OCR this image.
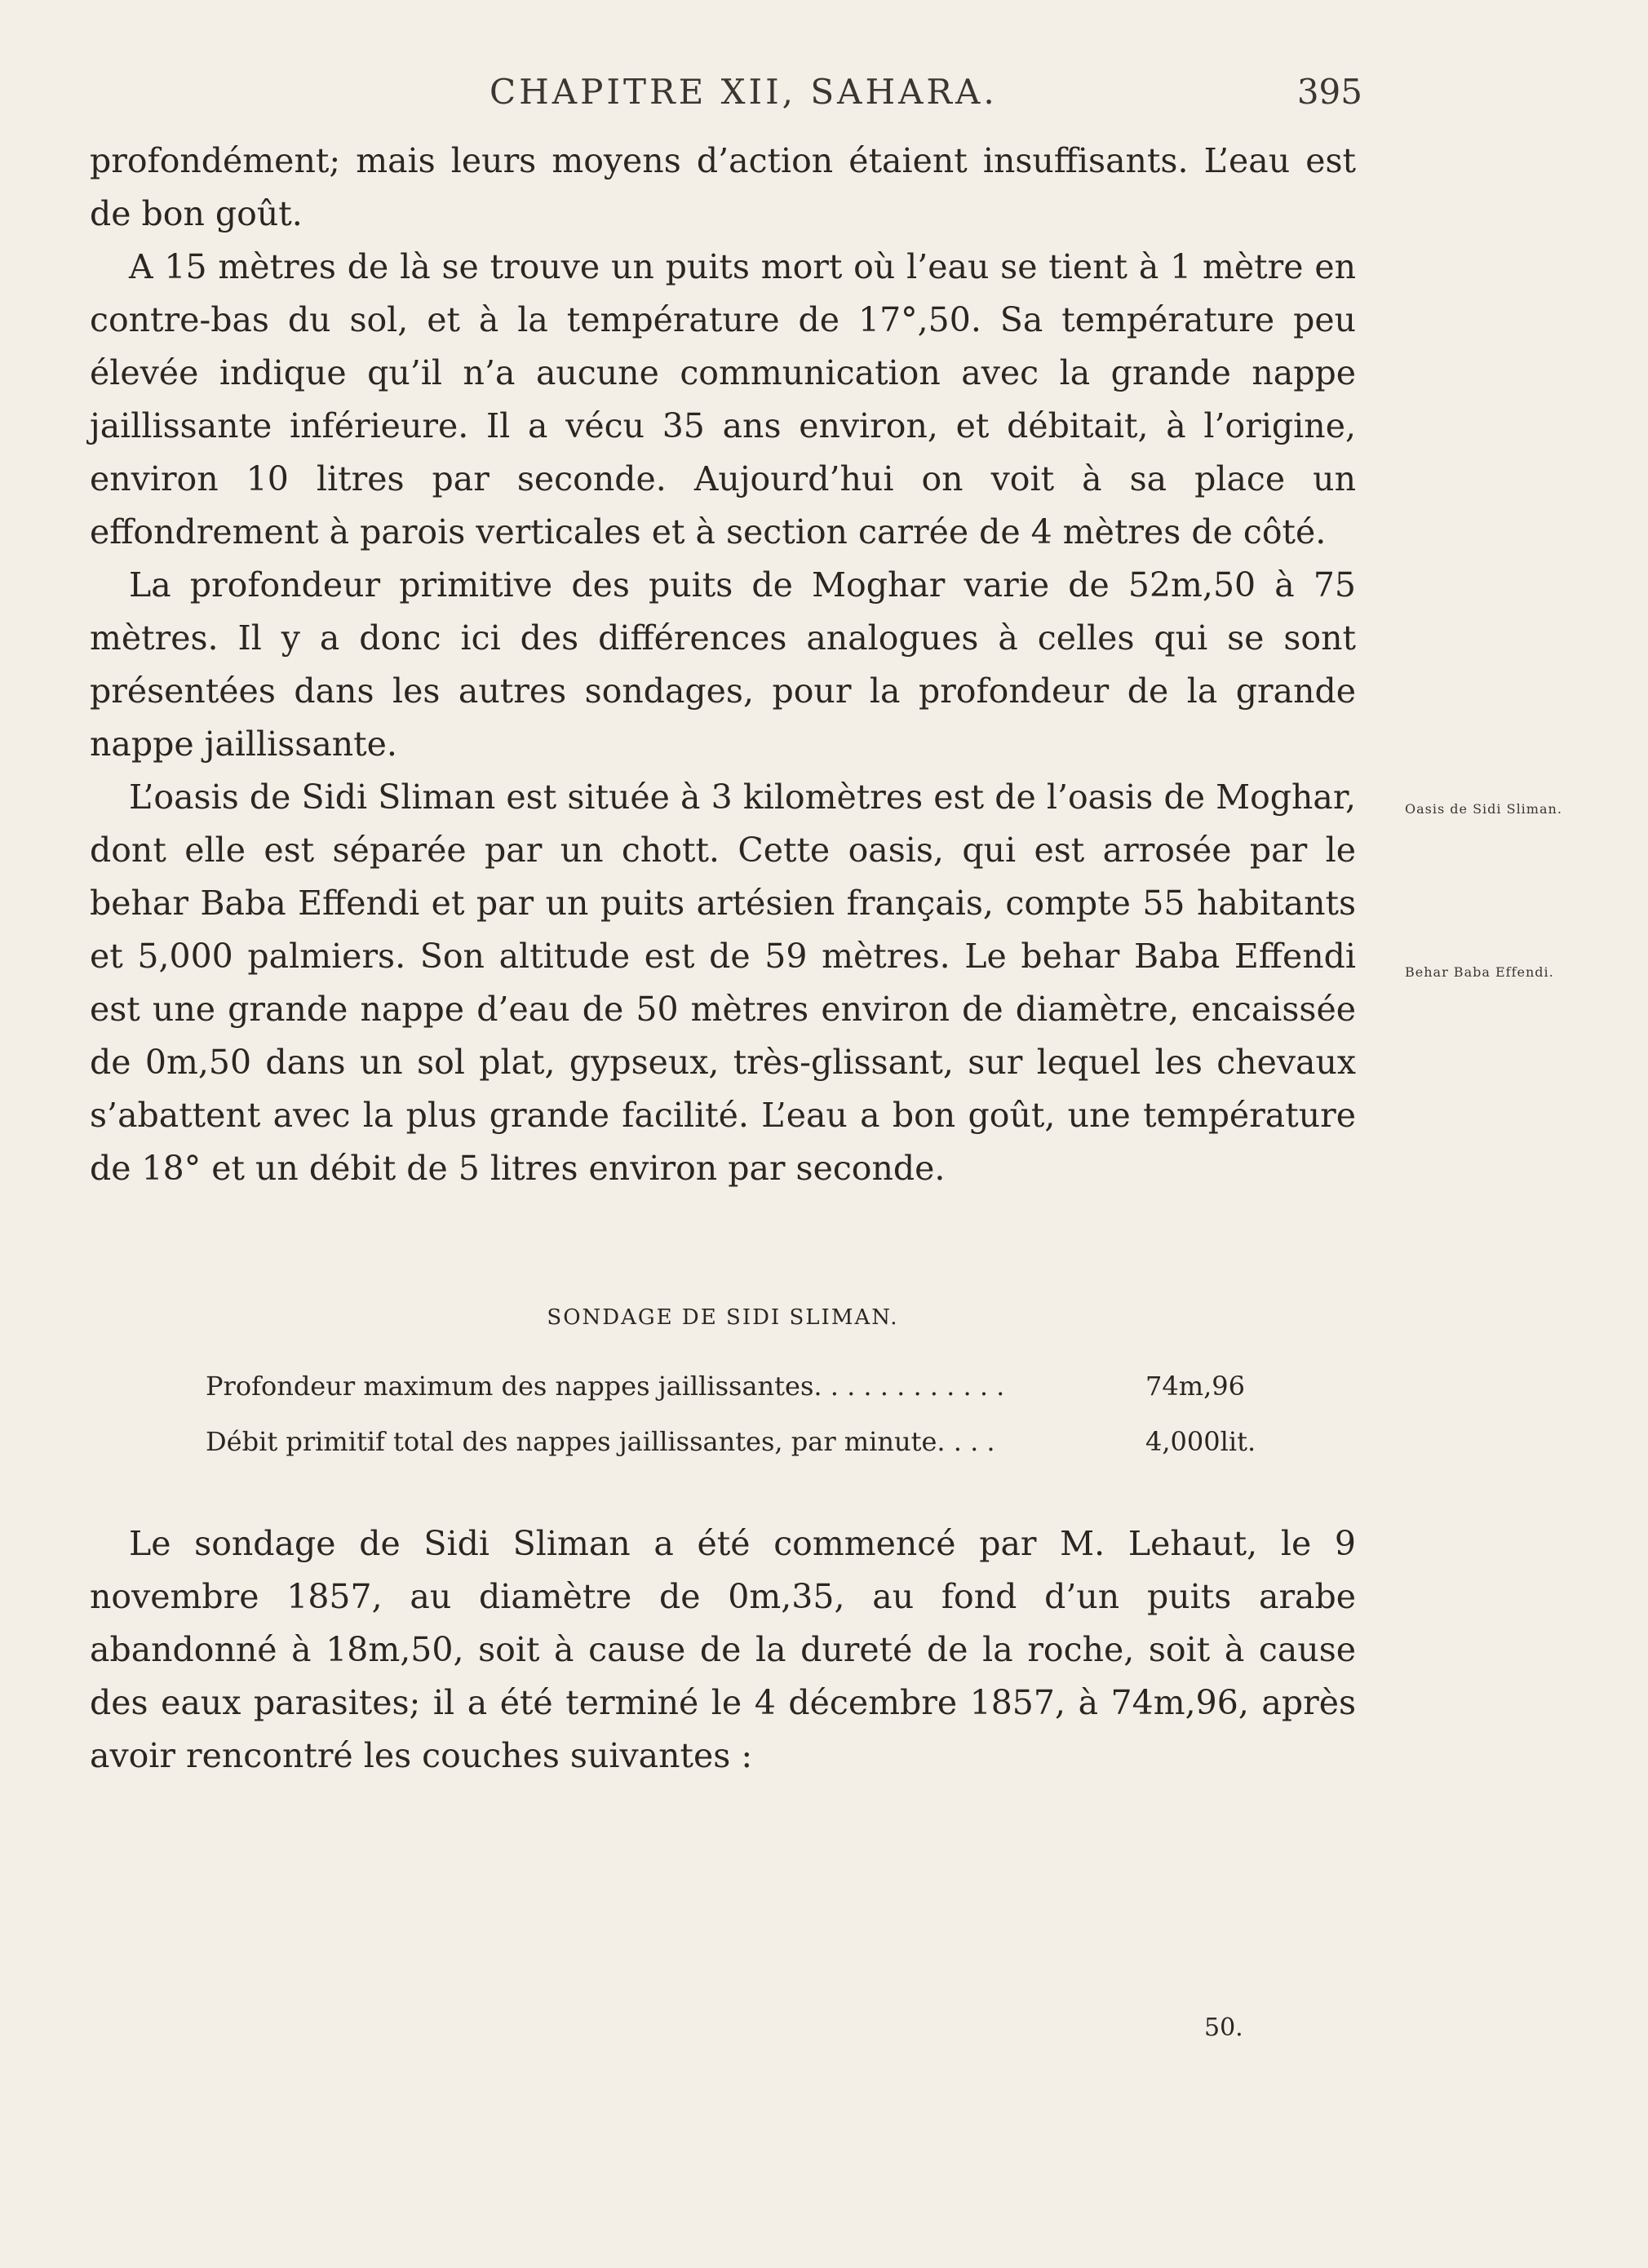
CHAPITRE XII, SAHARA.	395

profondément; mais leurs moyens d’action étaient insuffisants. L’eau est de bon goût.

A 15 mètres de là se trouve un puits mort où l’eau se tient à 1 mètre en contre-bas du sol, et à la température de 17°,50. Sa température peu élevée indique qu’il n’a aucune communication avec la grande nappe jaillissante inférieure. Il a vécu 35 ans environ, et débitait, à l’origine, environ 10 litres par seconde. Aujourd’hui on voit à sa place un effondrement à parois verticales et à section carrée de 4 mètres de côté.

La profondeur primitive des puits de Moghar varie de 52m,50 à 75 mètres. Il y a donc ici des différences analogues à celles qui se sont présentées dans les autres sondages, pour la profondeur de la grande nappe jaillissante.

L’oasis de Sidi Sliman est située à 3 kilomètres est de l’oasis de Moghar, dont elle est séparée par un chott. Cette oasis, qui est arrosée par le behar Baba Effendi et par un puits artésien français, compte 55 habitants et 5,000 palmiers. Son altitude est de 59 mètres. Le behar Baba Effendi est une grande nappe d’eau de 50 mètres environ de diamètre, encaissée de 0m,50 dans un sol plat, gypseux, très-glissant, sur lequel les chevaux s’abattent avec la plus grande facilité. L’eau a bon goût, une température de 18° et un débit de 5 litres environ par seconde.

Oasis de Sidi Sliman.
Behar Baba Effendi.
SONDAGE DE SIDI SLIMAN.
Profondeur maximum des nappes jaillissantes. . . . . . . . . . . .	74m,96
Débit primitif total des nappes jaillissantes, par minute. . . .	4,000lit.

Le sondage de Sidi Sliman a été commencé par M. Lehaut, le 9 novembre 1857, au diamètre de 0m,35, au fond d’un puits arabe abandonné à 18m,50, soit à cause de la dureté de la roche, soit à cause des eaux parasites; il a été terminé le 4 décembre 1857, à 74m,96, après avoir rencontré les couches suivantes :

50.
